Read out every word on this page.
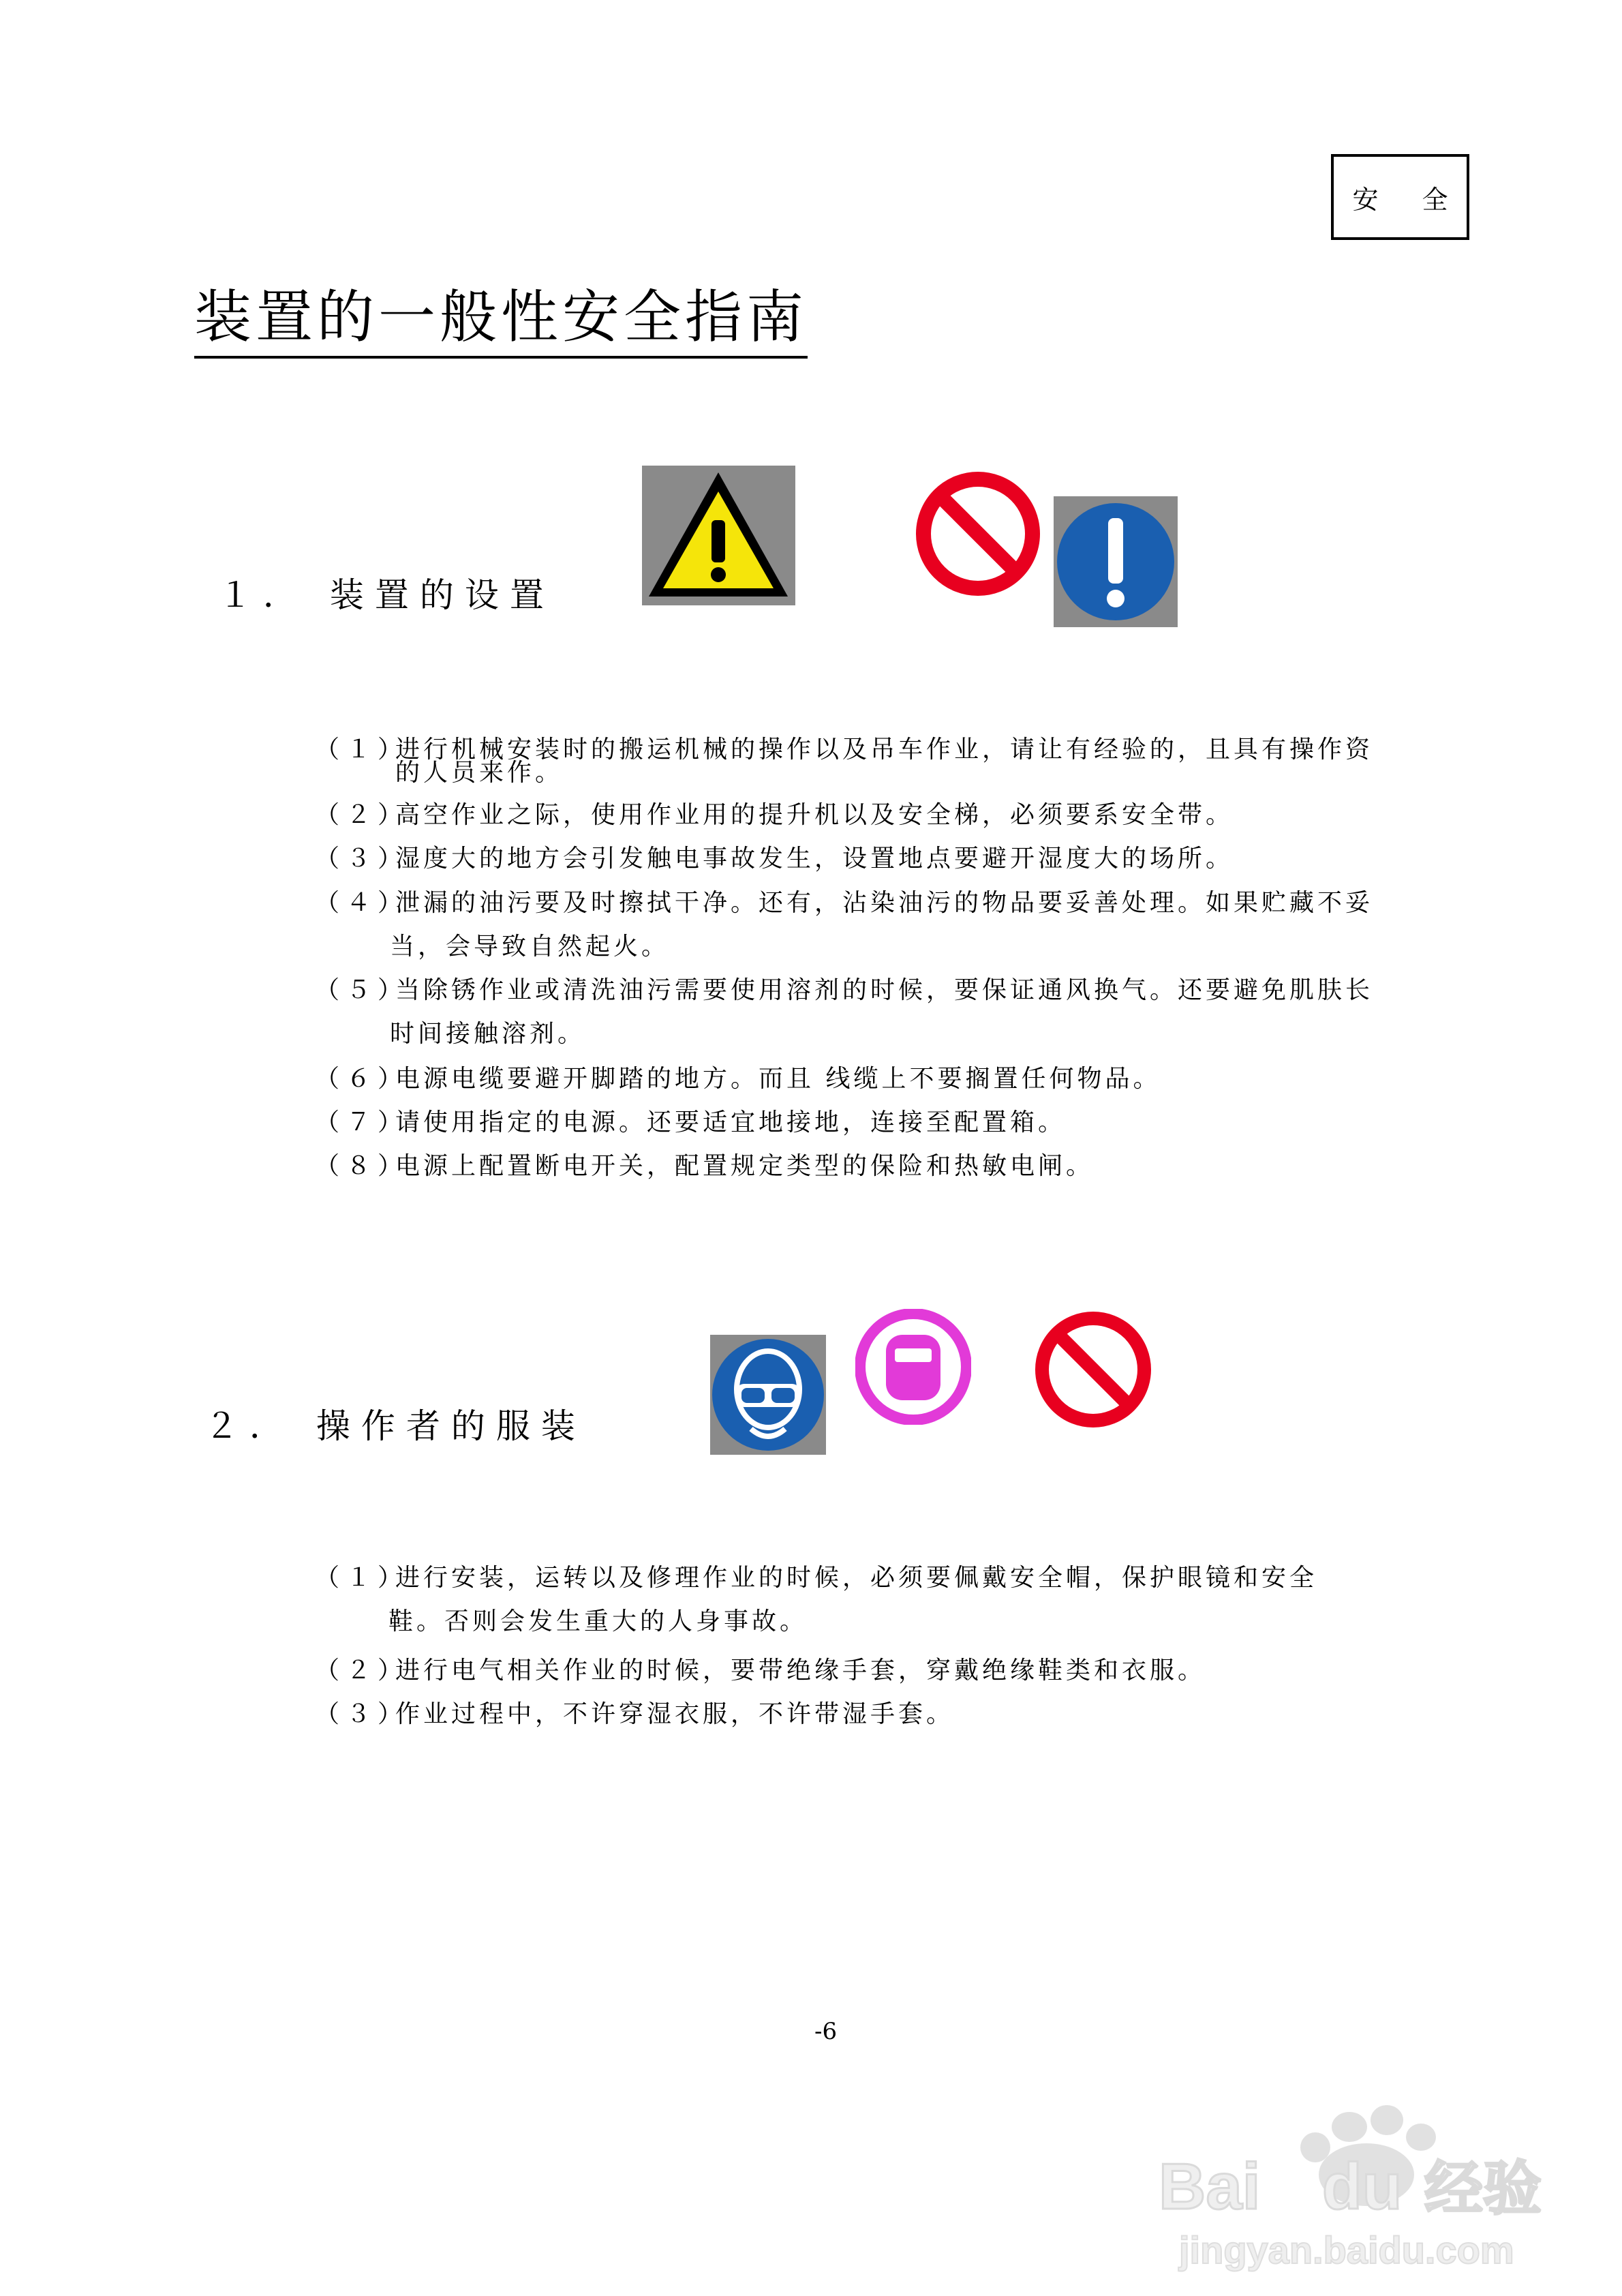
安 全
装置的一般性安全指南
１． 装置的设置
（１）
进行机械安装时的搬运机械的操作以及吊车作业，请让有经验的，且具有操作资
的人员来作。
（２）
高空作业之际，使用作业用的提升机以及安全梯，必须要系安全带。
（３）
湿度大的地方会引发触电事故发生，设置地点要避开湿度大的场所。
（４）
泄漏的油污要及时擦拭干净。还有，沾染油污的物品要妥善处理。如果贮藏不妥
当，会导致自然起火。
（５）
当除锈作业或清洗油污需要使用溶剂的时候，要保证通风换气。还要避免肌肤长
时间接触溶剂。
（６）
电源电缆要避开脚踏的地方。而且 线缆上不要搁置任何物品。
（７）
请使用指定的电源。还要适宜地接地，连接至配置箱。
（８）
电源上配置断电开关，配置规定类型的保险和热敏电闸。
２． 操作者的服装
（１）
进行安装，运转以及修理作业的时候，必须要佩戴安全帽，保护眼镜和安全
鞋。否则会发生重大的人身事故。
（２）
进行电气相关作业的时候，要带绝缘手套，穿戴绝缘鞋类和衣服。
（３）
作业过程中，不许穿湿衣服，不许带湿手套。
-6
Bai du 经验
jingyan.baidu.com
